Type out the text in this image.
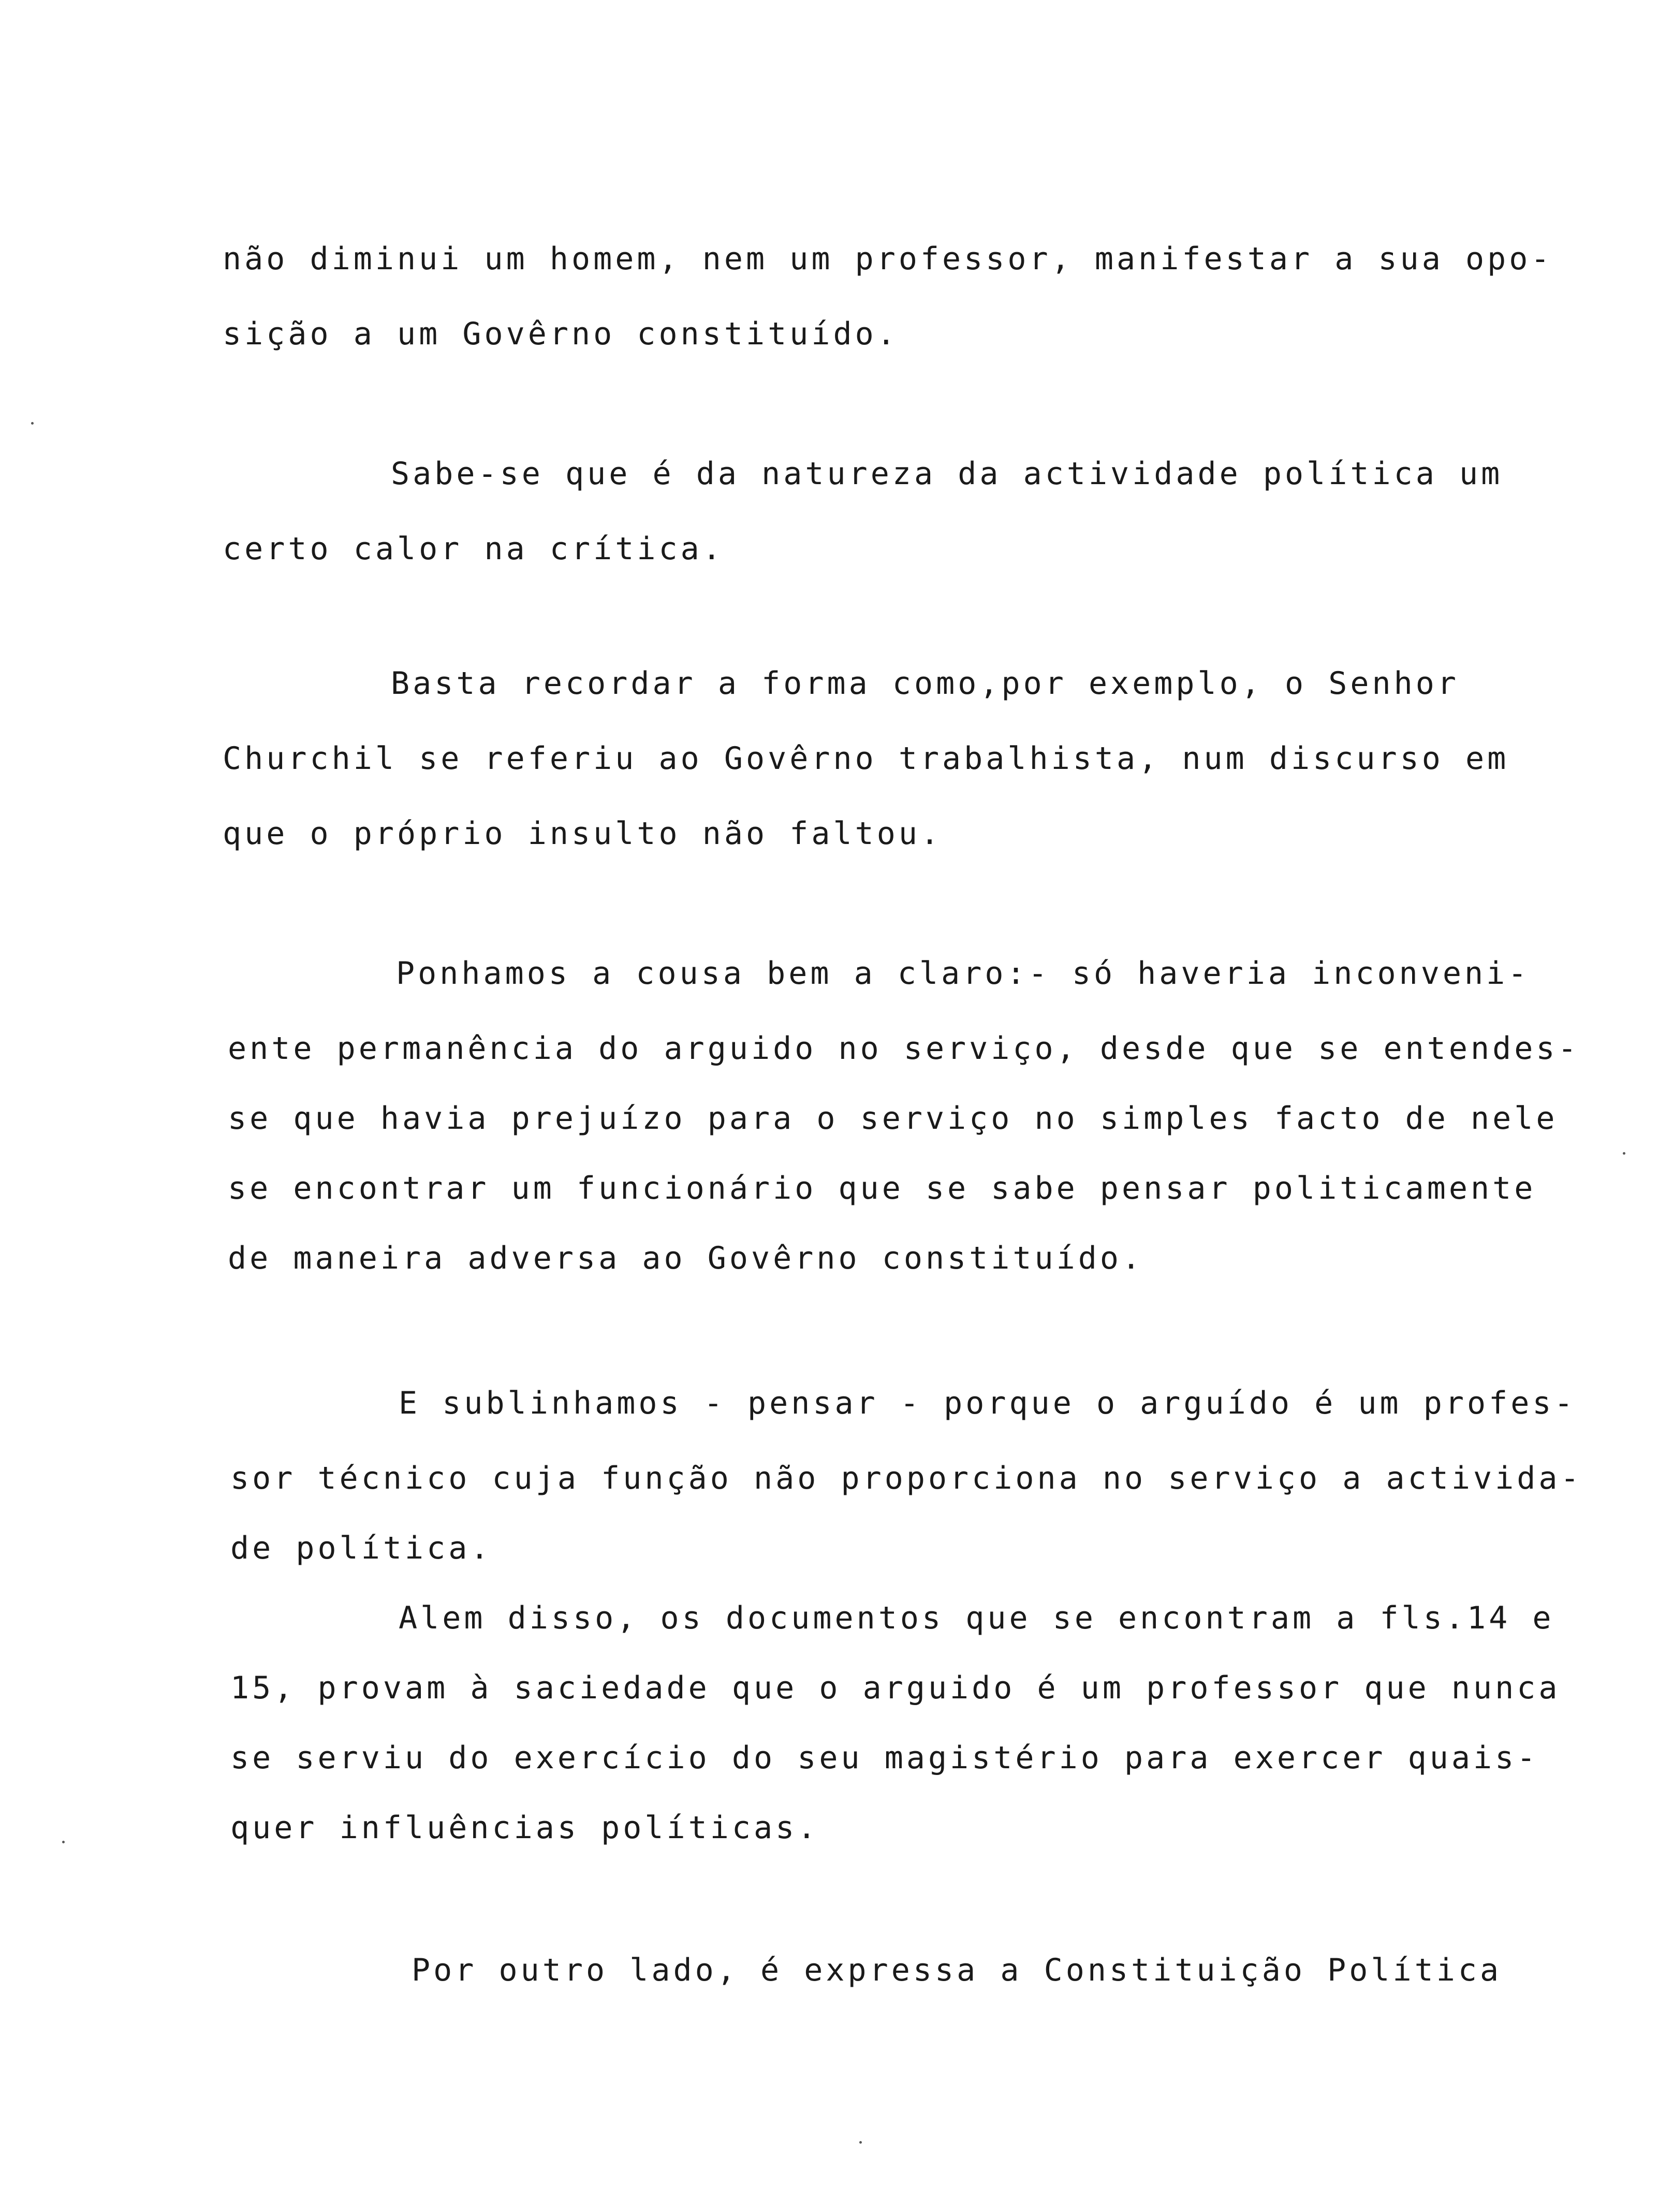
não diminui um homem, nem um professor, manifestar a sua opo-

sição a um Govêrno constituído.

Sabe-se que é da natureza da actividade política um

certo calor na crítica.

Basta recordar a forma como,por exemplo, o Senhor

Churchil se referiu ao Govêrno trabalhista, num discurso em

que o próprio insulto não faltou.

Ponhamos a cousa bem a claro:- só haveria inconveni-

ente permanência do arguido no serviço, desde que se entendes-

se que havia prejuízo para o serviço no simples facto de nele

se encontrar um funcionário que se sabe pensar politicamente

de maneira adversa ao Govêrno constituído.

E sublinhamos - pensar - porque o arguído é um profes-

sor técnico cuja função não proporciona no serviço a activida-

de política.

Alem disso, os documentos que se encontram a fls.14 e

15, provam à saciedade que o arguido é um professor que nunca

se serviu do exercício do seu magistério para exercer quais-

quer influências políticas.

Por outro lado, é expressa a Constituição Política
